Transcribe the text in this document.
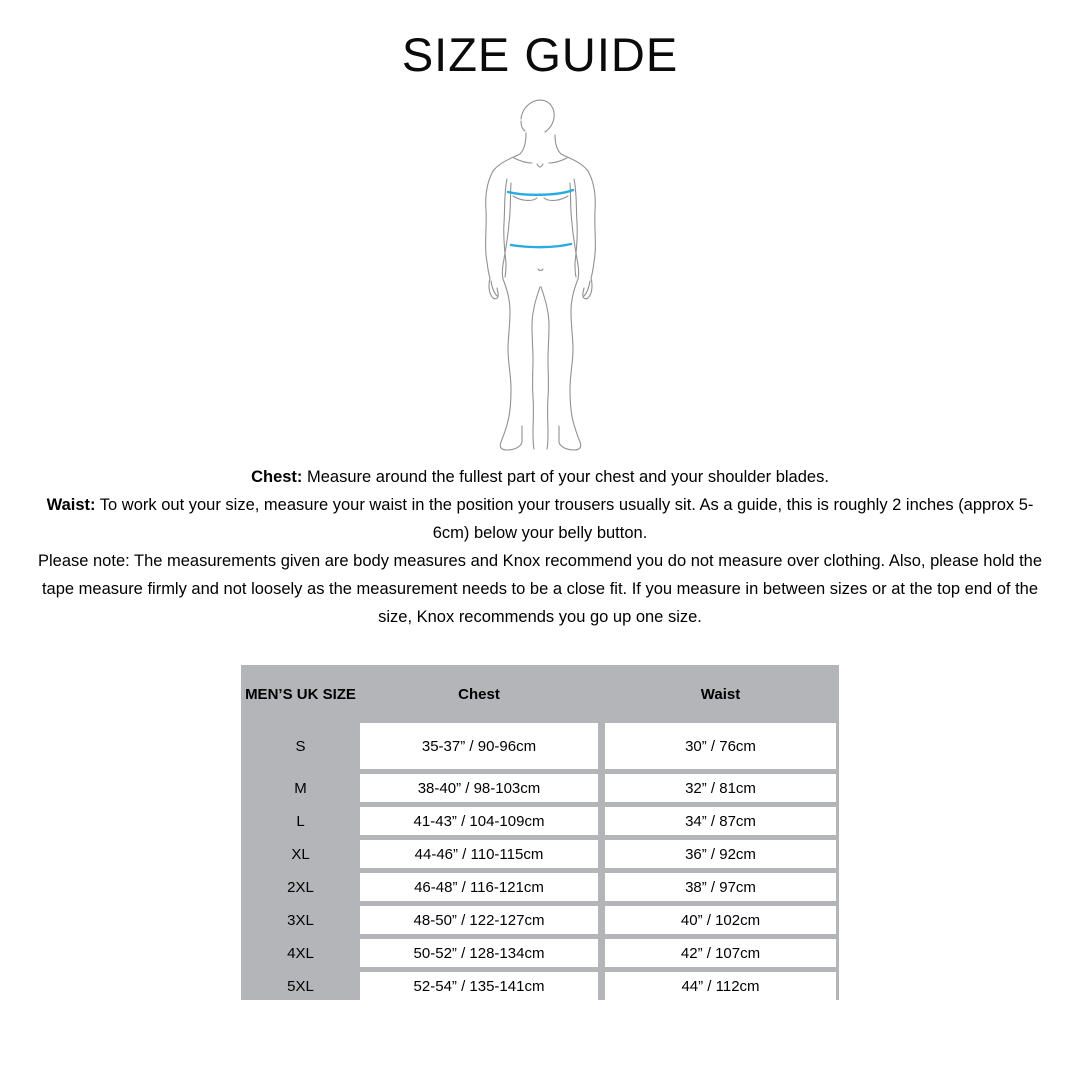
SIZE GUIDE

Chest: Measure around the fullest part of your chest and your shoulder blades.

Waist: To work out your size, measure your waist in the position your trousers usually sit. As a guide, this is roughly 2 inches (approx 5-6cm) below your belly button.

Please note: The measurements given are body measures and Knox recommend you do not measure over clothing. Also, please hold the tape measure firmly and not loosely as the measurement needs to be a close fit. If you measure in between sizes or at the top end of the size, Knox recommends you go up one size.

MEN’S UK SIZE	Chest	Waist
S	35-37” / 90-96cm	30” / 76cm
M	38-40” / 98-103cm	32” / 81cm
L	41-43” / 104-109cm	34” / 87cm
XL	44-46” / 110-115cm	36” / 92cm
2XL	46-48” / 116-121cm	38” / 97cm
3XL	48-50” / 122-127cm	40” / 102cm
4XL	50-52” / 128-134cm	42” / 107cm
5XL	52-54” / 135-141cm	44” / 112cm
